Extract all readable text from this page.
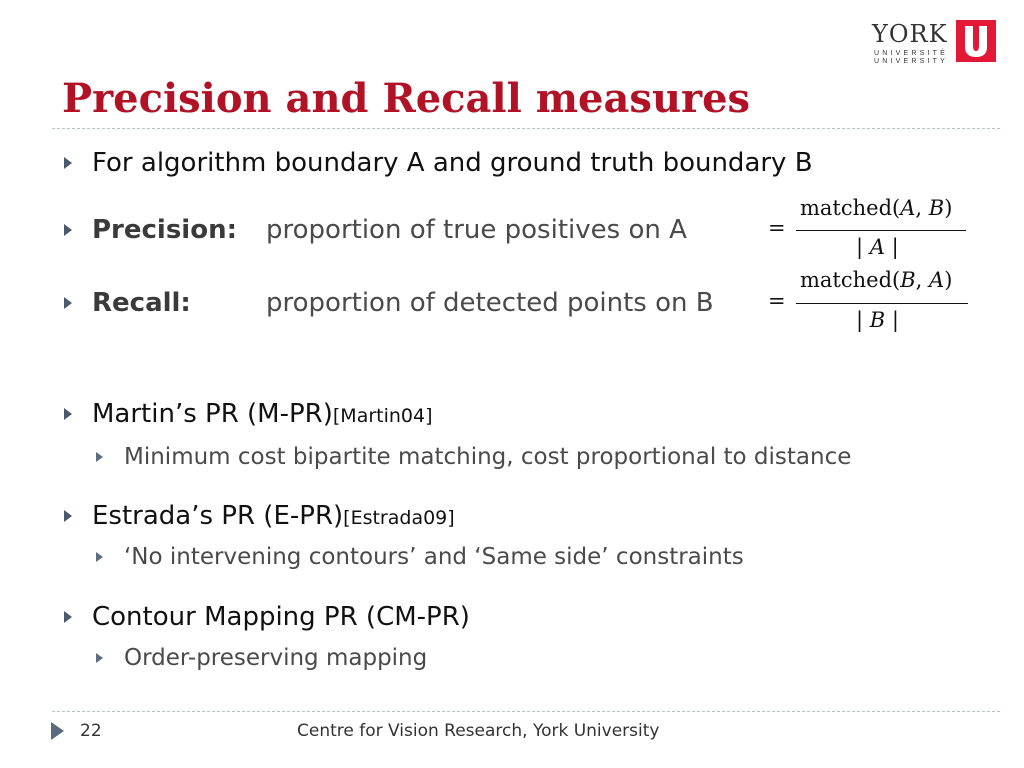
YORK
UNIVERSITÉ
UNIVERSITY
Precision and Recall measures
For algorithm boundary A and ground truth boundary B
Precision: proportion of true positives on A	=
matched(A, B)
| A |
Recall:	proportion of detected points on B	=
matched(B, A)
| B |
Martin’s PR (M-PR)[Martin04]
Minimum cost bipartite matching, cost proportional to distance
Estrada’s PR (E-PR)[Estrada09]
‘No intervening contours’ and ‘Same side’ constraints
Contour Mapping PR (CM-PR)
Order-preserving mapping
22	Centre for Vision Research, York University
